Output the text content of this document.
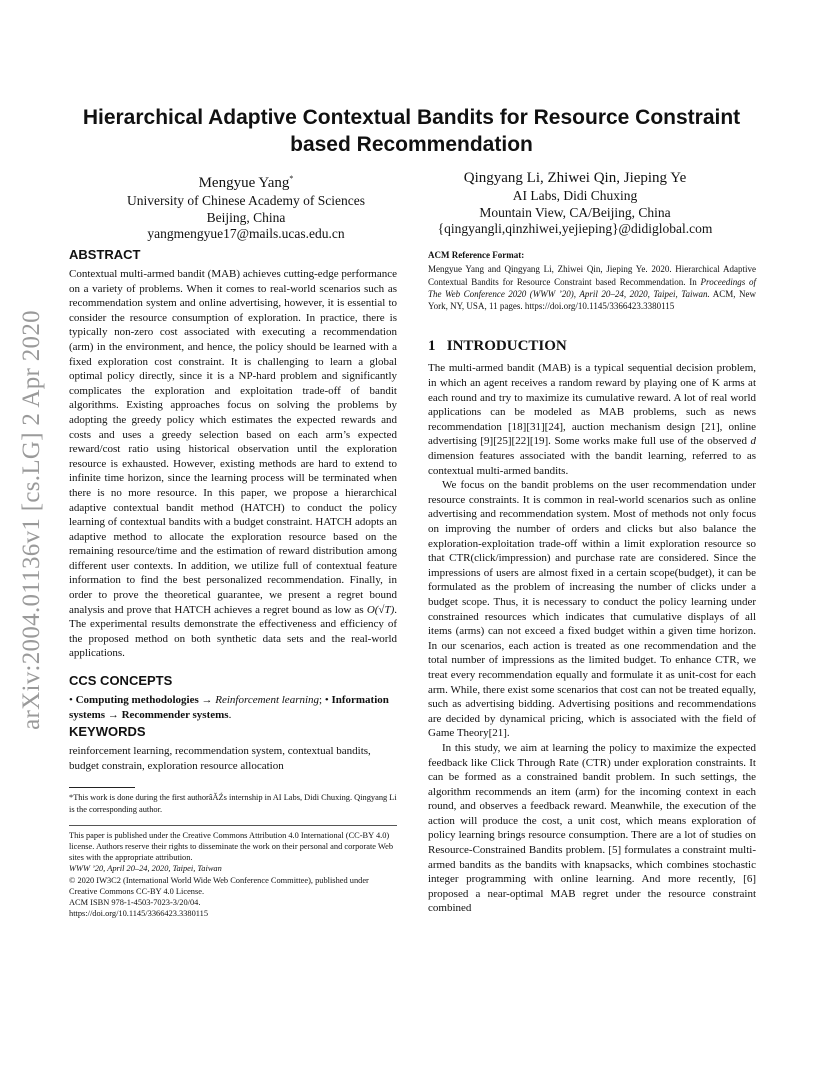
Hierarchical Adaptive Contextual Bandits for Resource Constraint based Recommendation
Mengyue Yang*
University of Chinese Academy of Sciences
Beijing, China
yangmengyue17@mails.ucas.edu.cn
Qingyang Li, Zhiwei Qin, Jieping Ye
AI Labs, Didi Chuxing
Mountain View, CA/Beijing, China
{qingyangli,qinzhiwei,yejieping}@didiglobal.com
arXiv:2004.01136v1 [cs.LG] 2 Apr 2020
ABSTRACT

Contextual multi-armed bandit (MAB) achieves cutting-edge performance on a variety of problems. When it comes to real-world scenarios such as recommendation system and online advertising, however, it is essential to consider the resource consumption of exploration. In practice, there is typically non-zero cost associated with executing a recommendation (arm) in the environment, and hence, the policy should be learned with a fixed exploration cost constraint. It is challenging to learn a global optimal policy directly, since it is a NP-hard problem and significantly complicates the exploration and exploitation trade-off of bandit algorithms. Existing approaches focus on solving the problems by adopting the greedy policy which estimates the expected rewards and costs and uses a greedy selection based on each arm’s expected reward/cost ratio using historical observation until the exploration resource is exhausted. However, existing methods are hard to extend to infinite time horizon, since the learning process will be terminated when there is no more resource. In this paper, we propose a hierarchical adaptive contextual bandit method (HATCH) to conduct the policy learning of contextual bandits with a budget constraint. HATCH adopts an adaptive method to allocate the exploration resource based on the remaining resource/time and the estimation of reward distribution among different user contexts. In addition, we utilize full of contextual feature information to find the best personalized recommendation. Finally, in order to prove the theoretical guarantee, we present a regret bound analysis and prove that HATCH achieves a regret bound as low as O(√T). The experimental results demonstrate the effectiveness and efficiency of the proposed method on both synthetic data sets and the real-world applications.

CCS CONCEPTS

• Computing methodologies → Reinforcement learning; • Information systems → Recommender systems.

KEYWORDS

reinforcement learning, recommendation system, contextual bandits, budget constrain, exploration resource allocation

*This work is done during the first authorâĂŹs internship in AI Labs, Didi Chuxing. Qingyang Li is the corresponding author.

This paper is published under the Creative Commons Attribution 4.0 International (CC-BY 4.0) license. Authors reserve their rights to disseminate the work on their personal and corporate Web sites with the appropriate attribution.
WWW ’20, April 20–24, 2020, Taipei, Taiwan
© 2020 IW3C2 (International World Wide Web Conference Committee), published under Creative Commons CC-BY 4.0 License.
ACM ISBN 978-1-4503-7023-3/20/04.
https://doi.org/10.1145/3366423.3380115
ACM Reference Format:
Mengyue Yang and Qingyang Li, Zhiwei Qin, Jieping Ye. 2020. Hierarchical Adaptive Contextual Bandits for Resource Constraint based Recommendation. In Proceedings of The Web Conference 2020 (WWW ’20), April 20–24, 2020, Taipei, Taiwan. ACM, New York, NY, USA, 11 pages. https://doi.org/10.1145/3366423.3380115
1 INTRODUCTION

The multi-armed bandit (MAB) is a typical sequential decision problem, in which an agent receives a random reward by playing one of K arms at each round and try to maximize its cumulative reward. A lot of real world applications can be modeled as MAB problems, such as news recommendation [18][31][24], auction mechanism design [21], online advertising [9][25][22][19]. Some works make full use of the observed d dimension features associated with the bandit learning, referred to as contextual multi-armed bandits.

We focus on the bandit problems on the user recommendation under resource constraints. It is common in real-world scenarios such as online advertising and recommendation system. Most of methods not only focus on improving the number of orders and clicks but also balance the exploration-exploitation trade-off within a limit exploration resource so that CTR(click/impression) and purchase rate are considered. Since the impressions of users are almost fixed in a certain scope(budget), it can be formulated as the problem of increasing the number of clicks under a budget scope. Thus, it is necessary to conduct the policy learning under constrained resources which indicates that cumulative displays of all items (arms) can not exceed a fixed budget within a given time horizon. In our scenarios, each action is treated as one recommendation and the total number of impressions as the limited budget. To enhance CTR, we treat every recommendation equally and formulate it as unit-cost for each arm. While, there exist some scenarios that cost can not be treated equally, such as advertising bidding. Advertising positions and recommendations are decided by dynamical pricing, which is associated with the field of Game Theory[21].

In this study, we aim at learning the policy to maximize the expected feedback like Click Through Rate (CTR) under exploration constraints. It can be formed as a constrained bandit problem. In such settings, the algorithm recommends an item (arm) for the incoming context in each round, and observes a feedback reward. Meanwhile, the execution of the action will produce the cost, a unit cost, which means exploration of policy learning brings resource consumption. There are a lot of studies on Resource-Constrained Bandits problem. [5] formulates a constraint multi-armed bandits as the bandits with knapsacks, which combines stochastic integer programming with online learning. And more recently, [6] proposed a near-optimal MAB regret under the resource constraint combined
